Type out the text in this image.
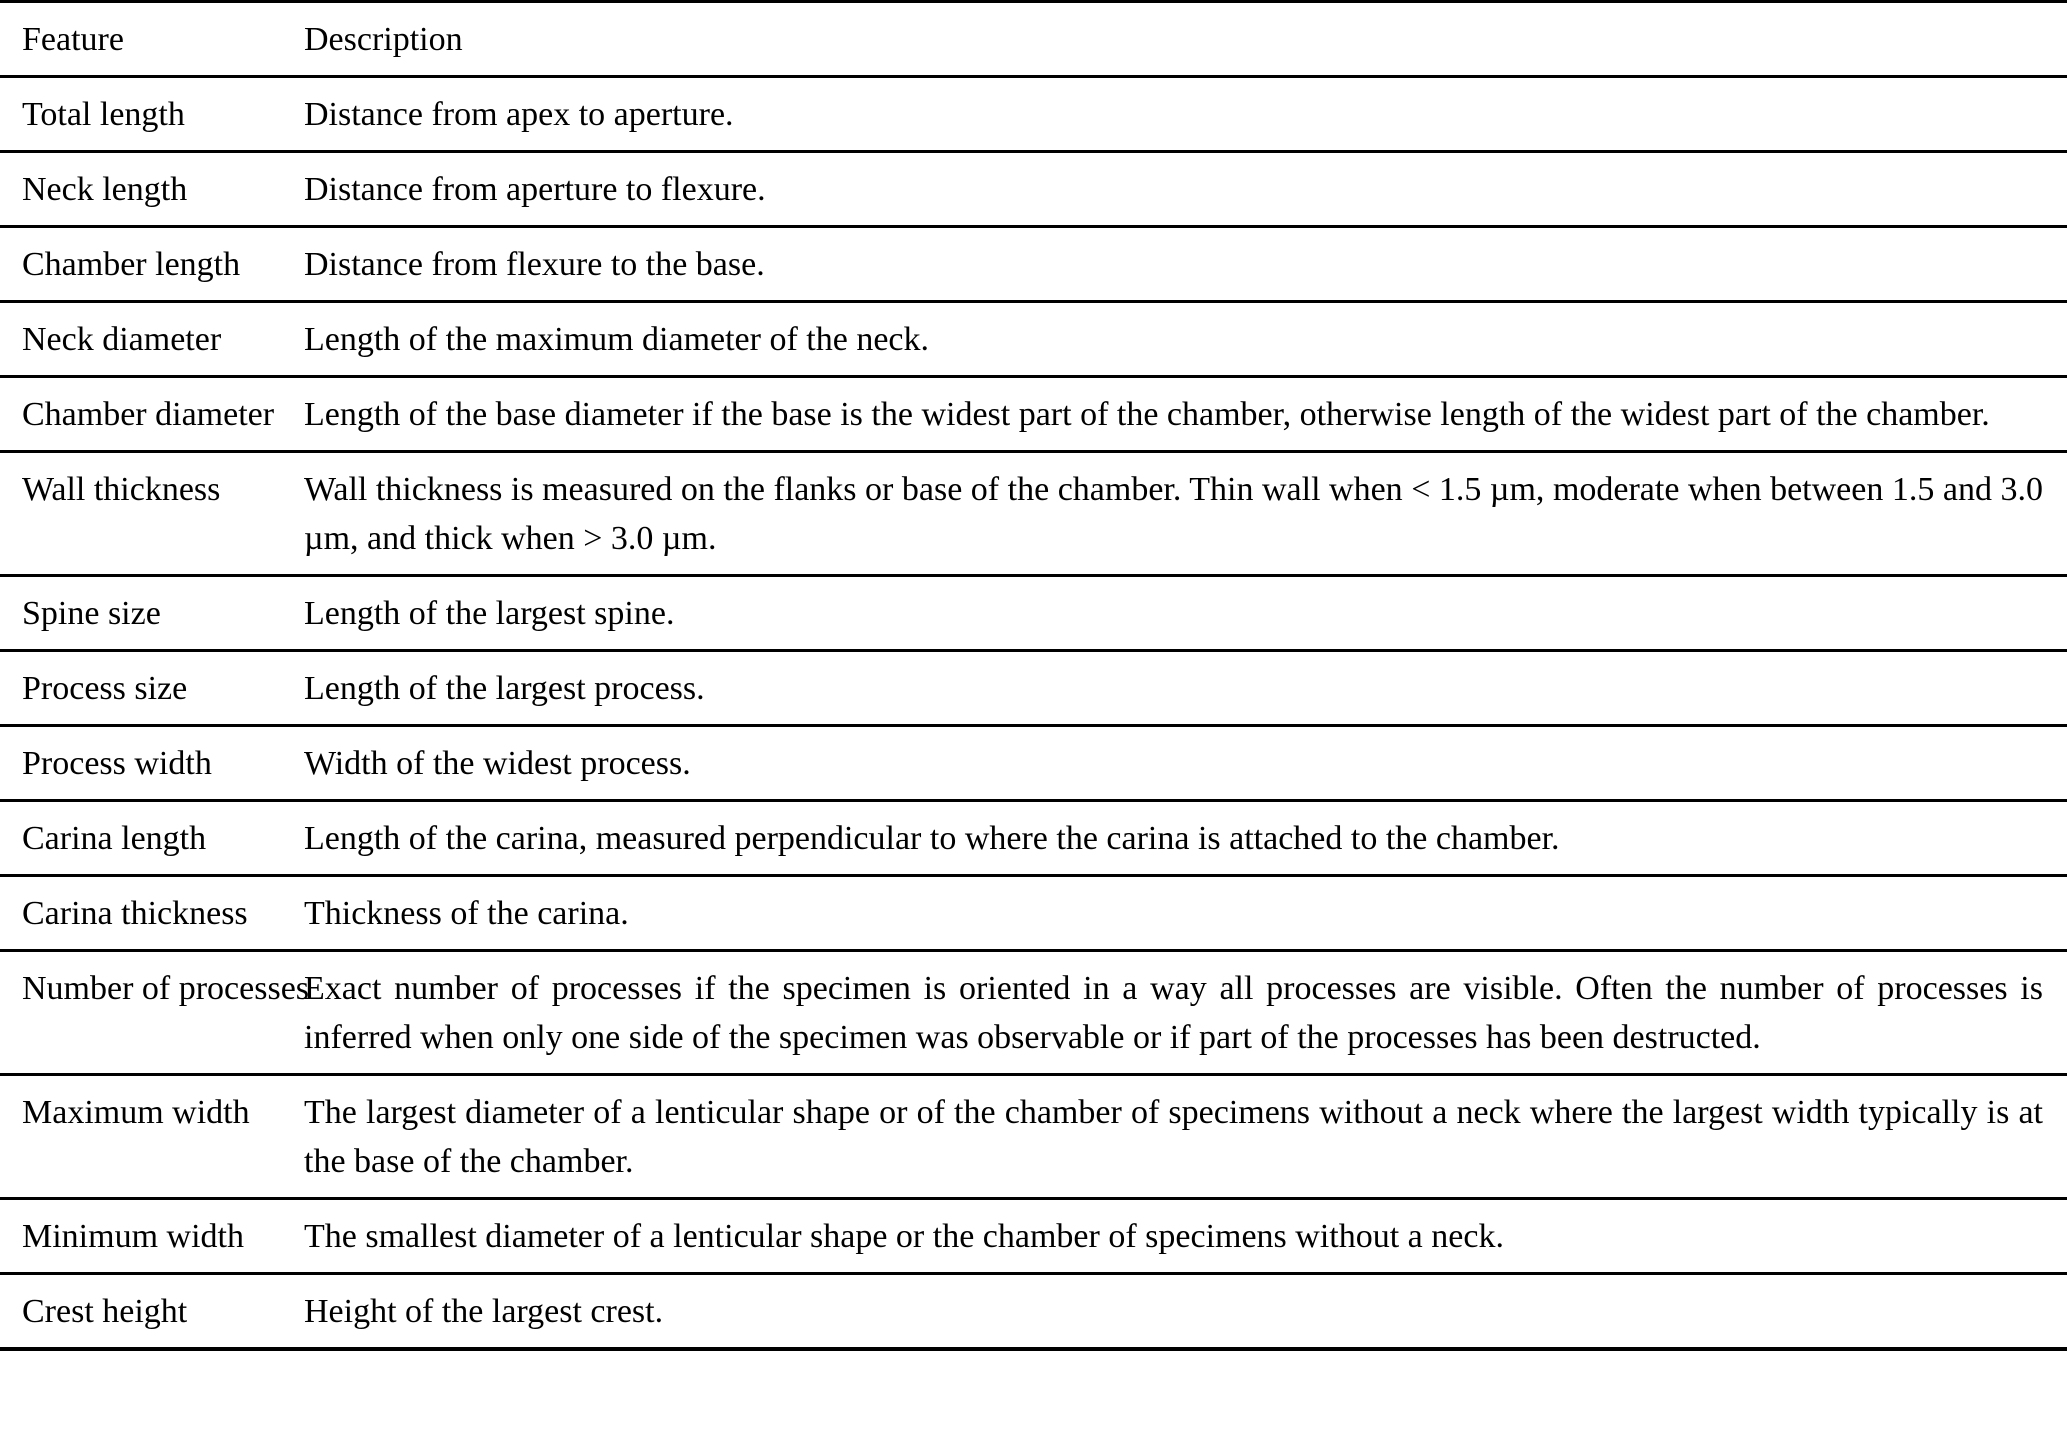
Feature	Description
Total length	Distance from apex to aperture.
Neck length	Distance from aperture to flexure.
Chamber length	Distance from flexure to the base.
Neck diameter	Length of the maximum diameter of the neck.
Chamber diameter	Length of the base diameter if the base is the widest part of the chamber, otherwise length of the widest part of the chamber.
Wall thickness	Wall thickness is measured on the flanks or base of the chamber. Thin wall when < 1.5 µm, moderate when between 1.5 and 3.0 µm, and thick when > 3.0 µm.
Spine size	Length of the largest spine.
Process size	Length of the largest process.
Process width	Width of the widest process.
Carina length	Length of the carina, measured perpendicular to where the carina is attached to the chamber.
Carina thickness	Thickness of the carina.
Number of processes	Exact number of processes if the specimen is oriented in a way all processes are visible. Often the number of processes is inferred when only one side of the specimen was observable or if part of the processes has been destructed.
Maximum width	The largest diameter of a lenticular shape or of the chamber of specimens without a neck where the largest width typically is at the base of the chamber.
Minimum width	The smallest diameter of a lenticular shape or the chamber of specimens without a neck.
Crest height	Height of the largest crest.
